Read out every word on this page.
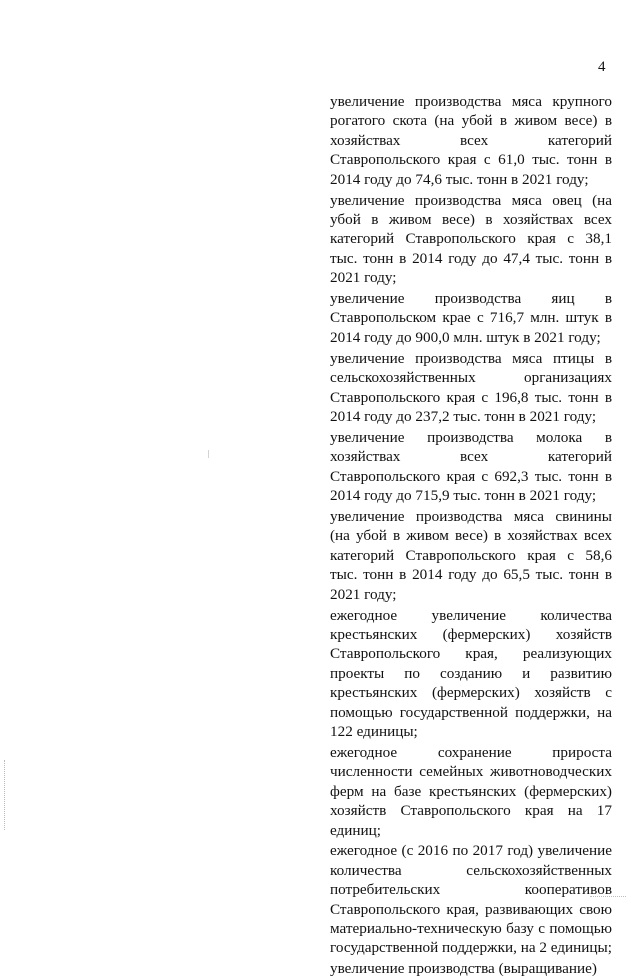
4

увеличение производства мяса крупного рогатого скота (на убой в живом весе) в хозяйствах всех категорий Ставропольского края с 61,0 тыс. тонн в 2014 году до 74,6 тыс. тонн в 2021 году;

увеличение производства мяса овец (на убой в живом весе) в хозяйствах всех категорий Ставропольского края с 38,1 тыс. тонн в 2014 году до 47,4 тыс. тонн в 2021 году;

увеличение производства яиц в Ставропольском крае с 716,7 млн. штук в 2014 году до 900,0 млн. штук в 2021 году;

увеличение производства мяса птицы в сельскохозяйственных организациях Ставропольского края с 196,8 тыс. тонн в 2014 году до 237,2 тыс. тонн в 2021 году;

увеличение производства молока в хозяйствах всех категорий Ставропольского края с 692,3 тыс. тонн в 2014 году до 715,9 тыс. тонн в 2021 году;

увеличение производства мяса свинины (на убой в живом весе) в хозяйствах всех категорий Ставропольского края с 58,6 тыс. тонн в 2014 году до 65,5 тыс. тонн в 2021 году;

ежегодное увеличение количества крестьянских (фермерских) хозяйств Ставропольского края, реализующих проекты по созданию и развитию крестьянских (фермерских) хозяйств с помощью государственной поддержки, на 122 единицы;

ежегодное сохранение прироста численности семейных животноводческих ферм на базе крестьянских (фермерских) хозяйств Ставропольского края на 17 единиц;

ежегодное (с 2016 по 2017 год) увеличение количества сельскохозяйственных потребительских кооперативов Ставропольского края, развивающих свою материально-техническую базу с помощью государственной поддержки, на 2 единицы;

увеличение производства (выращивание)
